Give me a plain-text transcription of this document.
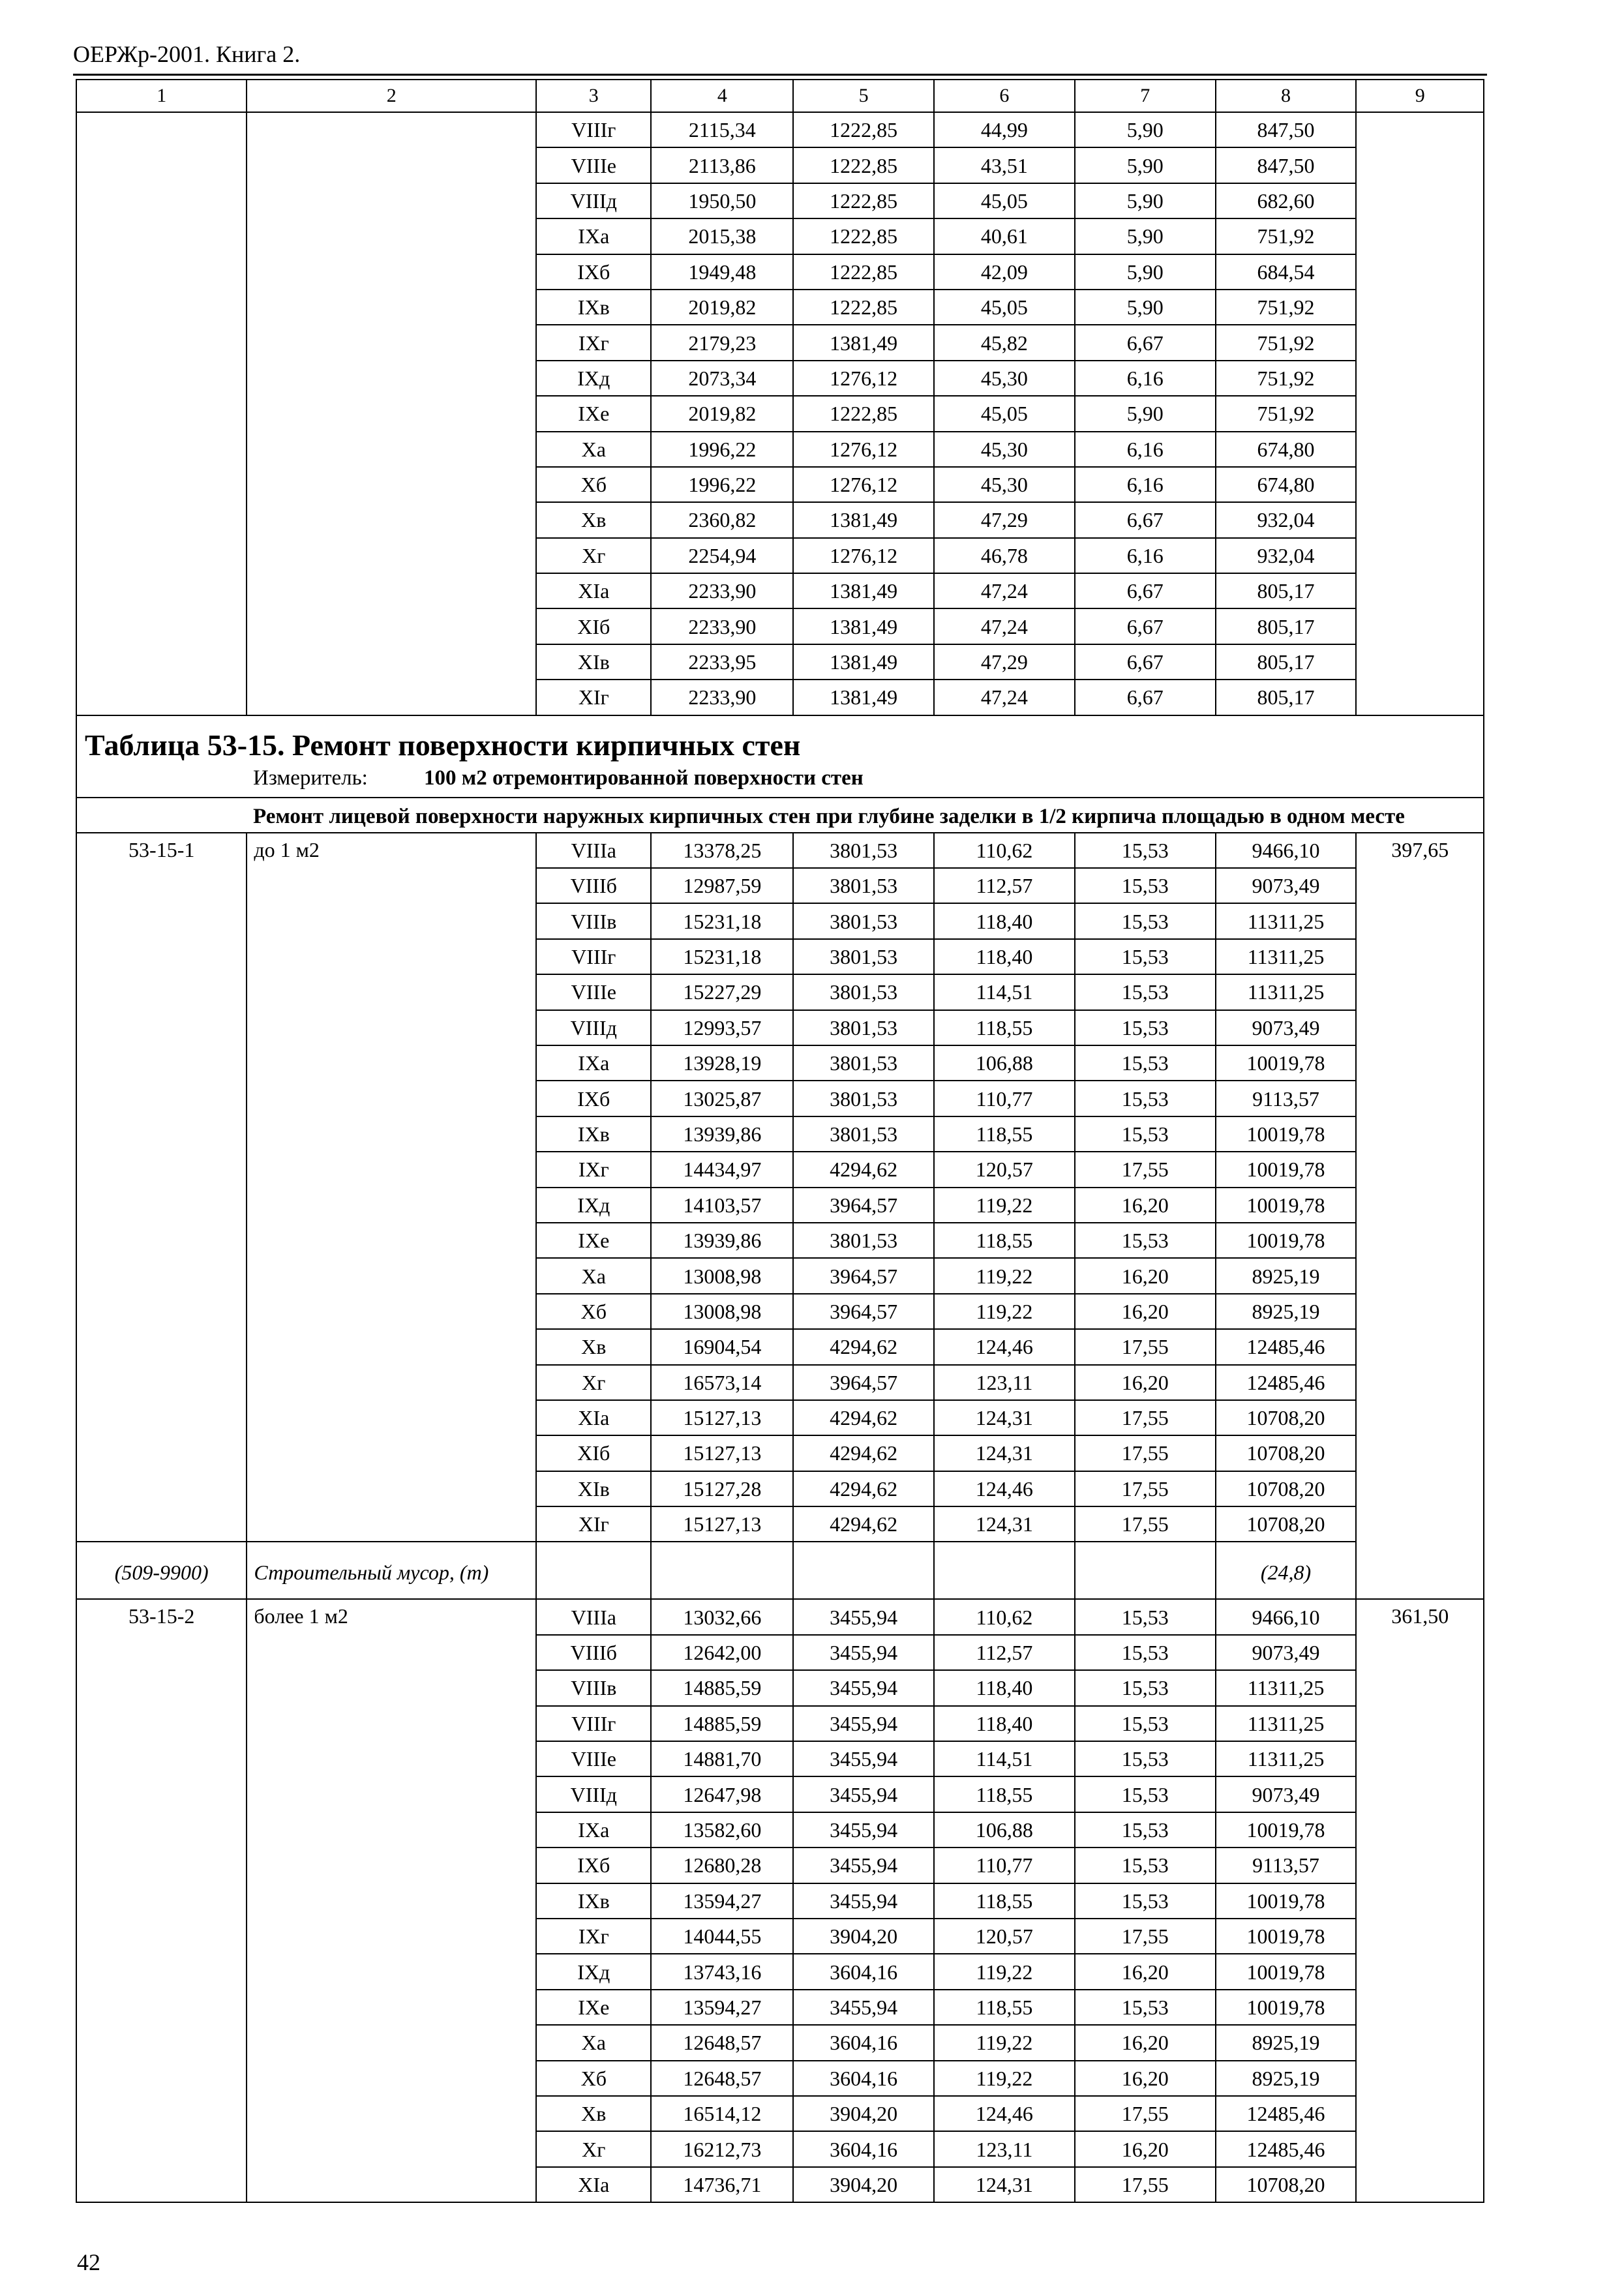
ОЕРЖр-2001. Книга 2.
1	2	3	4	5	6	7	8	9
		VIIIг	2115,34	1222,85	44,99	5,90	847,50	
		VIIIе	2113,86	1222,85	43,51	5,90	847,50	
		VIIIд	1950,50	1222,85	45,05	5,90	682,60	
		IXа	2015,38	1222,85	40,61	5,90	751,92	
		IXб	1949,48	1222,85	42,09	5,90	684,54	
		IXв	2019,82	1222,85	45,05	5,90	751,92	
		IXг	2179,23	1381,49	45,82	6,67	751,92	
		IXд	2073,34	1276,12	45,30	6,16	751,92	
		IXе	2019,82	1222,85	45,05	5,90	751,92	
		Xа	1996,22	1276,12	45,30	6,16	674,80	
		Xб	1996,22	1276,12	45,30	6,16	674,80	
		Xв	2360,82	1381,49	47,29	6,67	932,04	
		Xг	2254,94	1276,12	46,78	6,16	932,04	
		XIа	2233,90	1381,49	47,24	6,67	805,17	
		XIб	2233,90	1381,49	47,24	6,67	805,17	
		XIв	2233,95	1381,49	47,29	6,67	805,17	
		XIг	2233,90	1381,49	47,24	6,67	805,17	

Таблица 53-15. Ремонт поверхности кирпичных стен
Измеритель: 100 м2 отремонтированной поверхности стен								

Ремонт лицевой поверхности наружных кирпичных стен при глубине заделки в 1/2 кирпича площадью в одном месте								
53-15-1	до 1 м2	VIIIа	13378,25	3801,53	110,62	15,53	9466,10	397,65
		VIIIб	12987,59	3801,53	112,57	15,53	9073,49	
		VIIIв	15231,18	3801,53	118,40	15,53	11311,25	
		VIIIг	15231,18	3801,53	118,40	15,53	11311,25	
		VIIIе	15227,29	3801,53	114,51	15,53	11311,25	
		VIIIд	12993,57	3801,53	118,55	15,53	9073,49	
		IXа	13928,19	3801,53	106,88	15,53	10019,78	
		IXб	13025,87	3801,53	110,77	15,53	9113,57	
		IXв	13939,86	3801,53	118,55	15,53	10019,78	
		IXг	14434,97	4294,62	120,57	17,55	10019,78	
		IXд	14103,57	3964,57	119,22	16,20	10019,78	
		IXе	13939,86	3801,53	118,55	15,53	10019,78	
		Xа	13008,98	3964,57	119,22	16,20	8925,19	
		Xб	13008,98	3964,57	119,22	16,20	8925,19	
		Xв	16904,54	4294,62	124,46	17,55	12485,46	
		Xг	16573,14	3964,57	123,11	16,20	12485,46	
		XIа	15127,13	4294,62	124,31	17,55	10708,20	
		XIб	15127,13	4294,62	124,31	17,55	10708,20	
		XIв	15127,28	4294,62	124,46	17,55	10708,20	
		XIг	15127,13	4294,62	124,31	17,55	10708,20	
(509-9900)	Строительный мусор, (т)						(24,8)	
53-15-2	более 1 м2	VIIIа	13032,66	3455,94	110,62	15,53	9466,10	361,50
		VIIIб	12642,00	3455,94	112,57	15,53	9073,49	
		VIIIв	14885,59	3455,94	118,40	15,53	11311,25	
		VIIIг	14885,59	3455,94	118,40	15,53	11311,25	
		VIIIе	14881,70	3455,94	114,51	15,53	11311,25	
		VIIIд	12647,98	3455,94	118,55	15,53	9073,49	
		IXа	13582,60	3455,94	106,88	15,53	10019,78	
		IXб	12680,28	3455,94	110,77	15,53	9113,57	
		IXв	13594,27	3455,94	118,55	15,53	10019,78	
		IXг	14044,55	3904,20	120,57	17,55	10019,78	
		IXд	13743,16	3604,16	119,22	16,20	10019,78	
		IXе	13594,27	3455,94	118,55	15,53	10019,78	
		Xа	12648,57	3604,16	119,22	16,20	8925,19	
		Xб	12648,57	3604,16	119,22	16,20	8925,19	
		Xв	16514,12	3904,20	124,46	17,55	12485,46	
		Xг	16212,73	3604,16	123,11	16,20	12485,46	
		XIа	14736,71	3904,20	124,31	17,55	10708,20	
42
